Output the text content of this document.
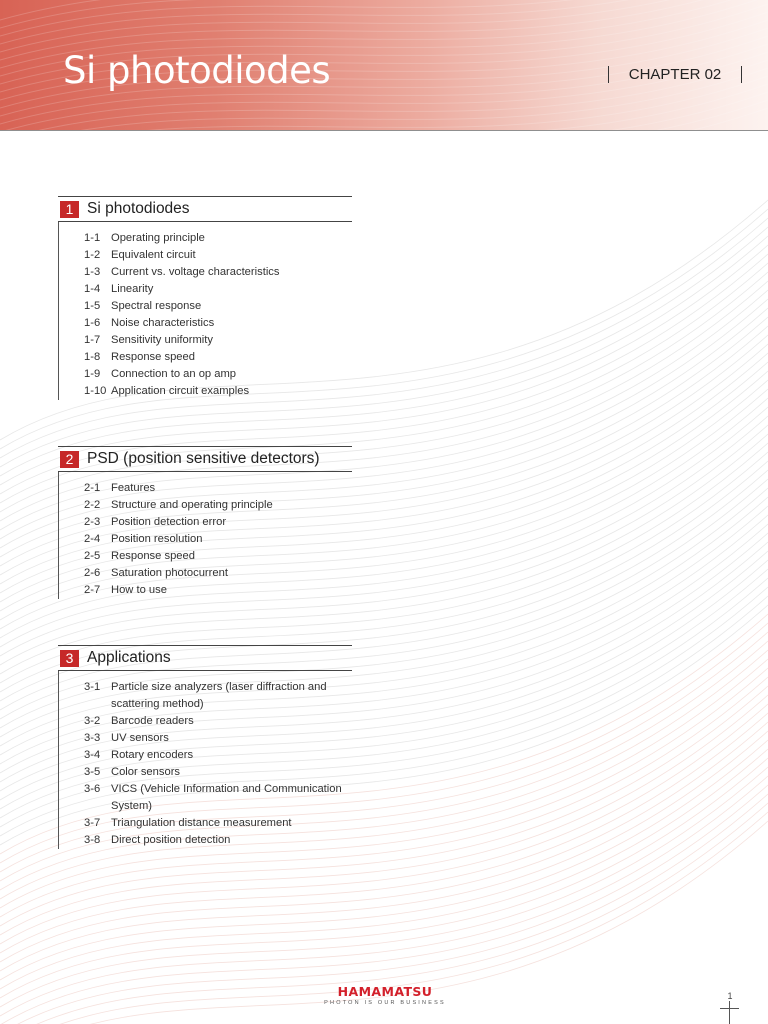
Si photodiodes	CHAPTER 02
1 Si photodiodes
1-1 Operating principle
1-2 Equivalent circuit
1-3 Current vs. voltage characteristics
1-4 Linearity
1-5 Spectral response
1-6 Noise characteristics
1-7 Sensitivity uniformity
1-8 Response speed
1-9 Connection to an op amp
1-10 Application circuit examples
2 PSD (position sensitive detectors)
2-1 Features
2-2 Structure and operating principle
2-3 Position detection error
2-4 Position resolution
2-5 Response speed
2-6 Saturation photocurrent
2-7 How to use
3 Applications
3-1 Particle size analyzers (laser diffraction and scattering method)
3-2 Barcode readers
3-3 UV sensors
3-4 Rotary encoders
3-5 Color sensors
3-6 VICS (Vehicle Information and Communication System)
3-7 Triangulation distance measurement
3-8 Direct position detection
HAMAMATSU
PHOTON IS OUR BUSINESS
1
